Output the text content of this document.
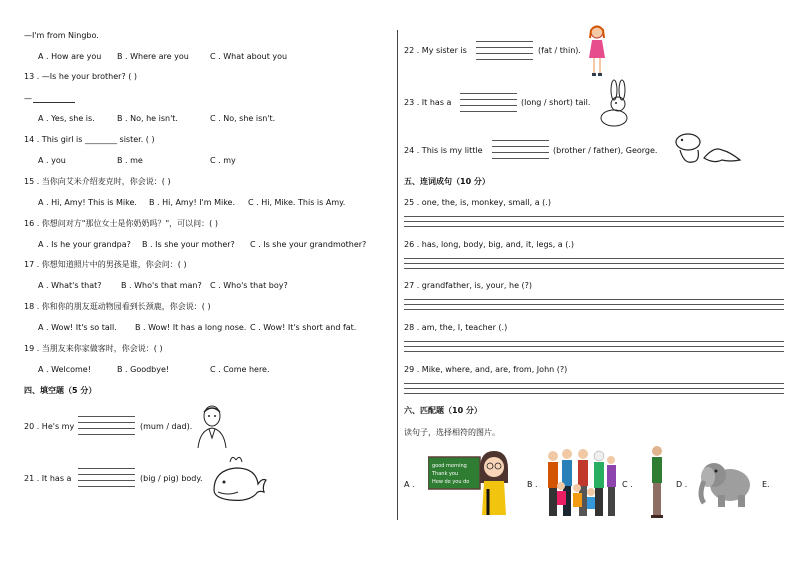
—I'm from Ningbo.
A . How are you B . Where are you	C . What about you
13 . —Is he your brother? ( )
—
A . Yes, she is.	B . No, he isn't.	C . No, she isn't.
14 . This girl is ________ sister. ( )
A . you	B . me	C . my
15 . 当你向艾米介绍麦克时，你会说：( )
A . Hi, Amy! This is Mike. B . Hi, Amy! I'm Mike. C . Hi, Mike. This is Amy.
16 . 你想问对方"那位女士是你奶奶吗？"，可以问：( )
A . Is he your grandpa? B . Is she your mother? C . Is she your grandmother?
17 . 你想知道照片中的男孩是谁，你会问：( )
A . What's that? B . Who's that man? C . Who's that boy?
18 . 你和你的朋友逛动物园看到长颈鹿，你会说：( )
A . Wow! It's so tall. B . Wow! It has a long nose. C . Wow! It's short and fat.
19 . 当朋友来你家做客时，你会说：( )
A . Welcome!	B . Goodbye!	C . Come here.
四、填空题（5 分）
20 . He's my	(mum / dad).
21 . It has a	(big / pig) body.
22 . My sister is	(fat / thin).
23 . It has a	(long / short) tail.
24 . This is my little	(brother / father), George.
五、连词成句（10 分）
25 . one, the, is, monkey, small, a (.)
26 . has, long, body, big, and, it, legs, a (.)
27 . grandfather, is, your, he (?)
28 . am, the, I, teacher (.)
29 . Mike, where, and, are, from, John (?)
六、匹配题（10 分）
读句子，选择相符的图片。
A .
good morning
Thank you
How do you do	B .	C .	D .	E.
